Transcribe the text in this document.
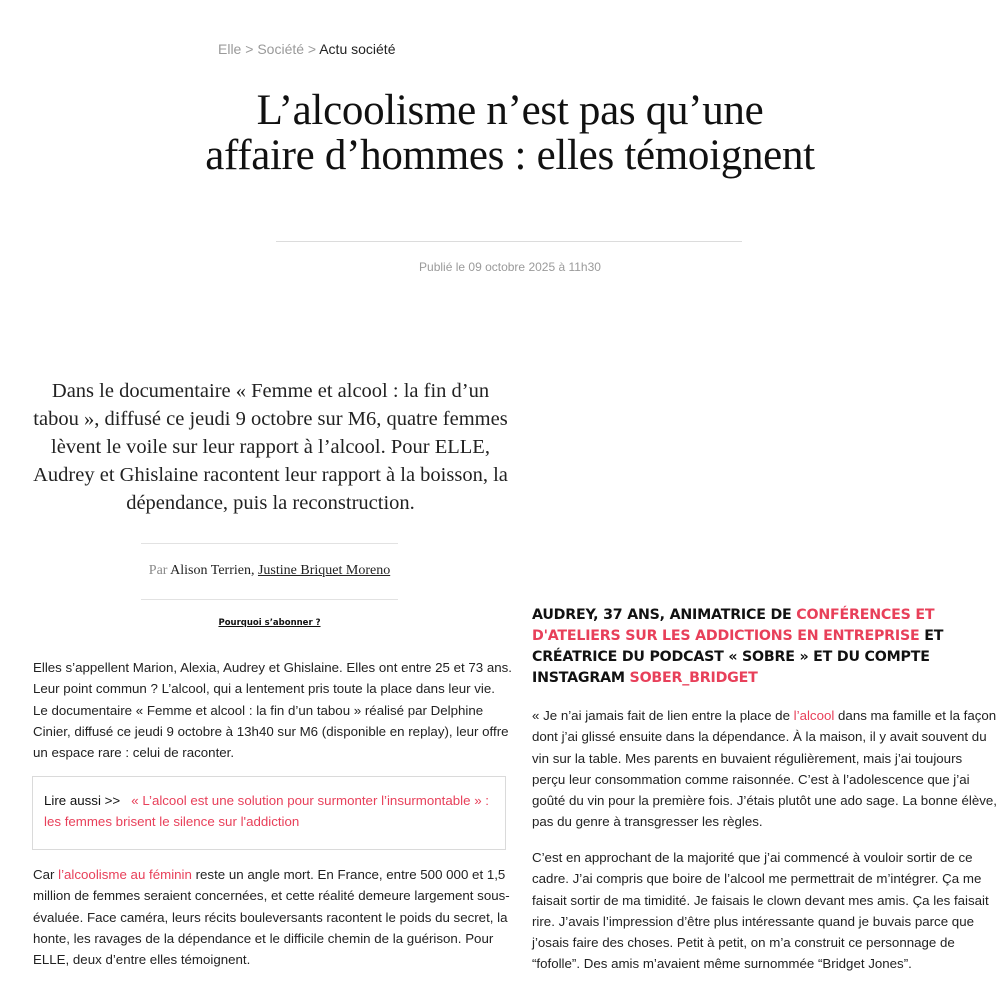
Elle > Société > Actu société
L’alcoolisme n’est pas qu’une affaire d’hommes : elles témoignent
Publié le 09 octobre 2025 à 11h30

Dans le documentaire « Femme et alcool : la fin d’un tabou », diffusé ce jeudi 9 octobre sur M6, quatre femmes lèvent le voile sur leur rapport à l’alcool. Pour ELLE, Audrey et Ghislaine racontent leur rapport à la boisson, la dépendance, puis la reconstruction.

Par Alison Terrien, Justine Briquet Moreno
Pourquoi s’abonner ?

Elles s’appellent Marion, Alexia, Audrey et Ghislaine. Elles ont entre 25 et 73 ans. Leur point commun ? L’alcool, qui a lentement pris toute la place dans leur vie. Le documentaire « Femme et alcool : la fin d’un tabou » réalisé par Delphine Cinier, diffusé ce jeudi 9 octobre à 13h40 sur M6 (disponible en replay), leur offre un espace rare : celui de raconter.

Lire aussi >> « L’alcool est une solution pour surmonter l’insurmontable » : les femmes brisent le silence sur l'addiction

Car l’alcoolisme au féminin reste un angle mort. En France, entre 500 000 et 1,5 million de femmes seraient concernées, et cette réalité demeure largement sous-évaluée. Face caméra, leurs récits bouleversants racontent le poids du secret, la honte, les ravages de la dépendance et le difficile chemin de la guérison. Pour ELLE, deux d’entre elles témoignent.

AUDREY, 37 ANS, ANIMATRICE DE CONFÉRENCES ET D'ATELIERS SUR LES ADDICTIONS EN ENTREPRISE ET CRÉATRICE DU PODCAST « SOBRE » ET DU COMPTE INSTAGRAM SOBER_BRIDGET

« Je n’ai jamais fait de lien entre la place de l’alcool dans ma famille et la façon dont j’ai glissé ensuite dans la dépendance. À la maison, il y avait souvent du vin sur la table. Mes parents en buvaient régulièrement, mais j’ai toujours perçu leur consommation comme raisonnée. C’est à l’adolescence que j’ai goûté du vin pour la première fois. J’étais plutôt une ado sage. La bonne élève, pas du genre à transgresser les règles.

C’est en approchant de la majorité que j’ai commencé à vouloir sortir de ce cadre. J’ai compris que boire de l’alcool me permettrait de m’intégrer. Ça me faisait sortir de ma timidité. Je faisais le clown devant mes amis. Ça les faisait rire. J’avais l’impression d’être plus intéressante quand je buvais parce que j’osais faire des choses. Petit à petit, on m’a construit ce personnage de “fofolle”. Des amis m’avaient même surnommée “Bridget Jones”.
